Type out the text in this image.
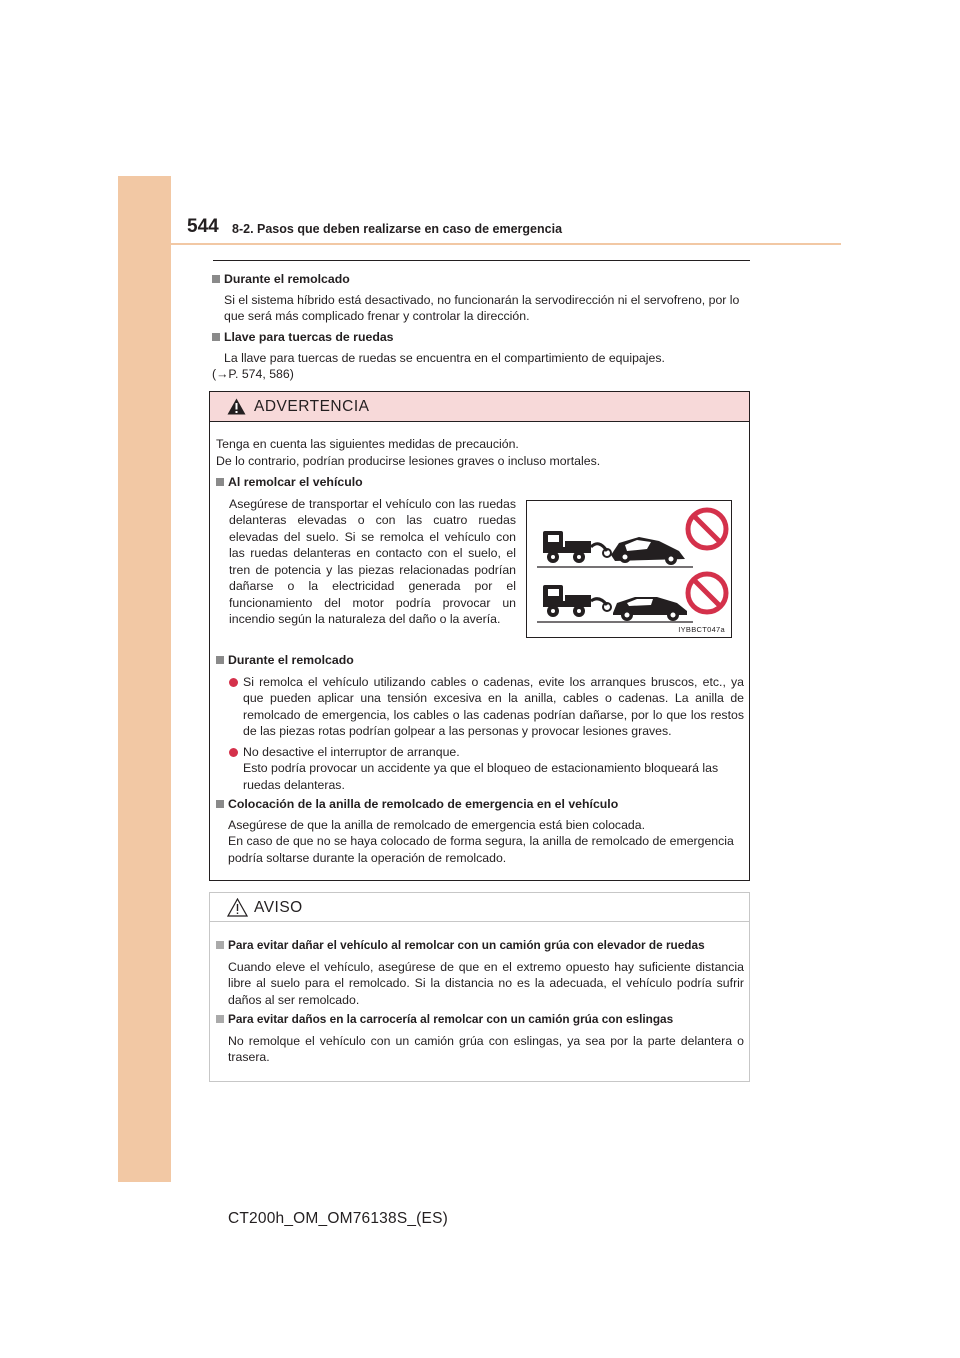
544 8-2. Pasos que deben realizarse en caso de emergencia
Durante el remolcado
Si el sistema híbrido está desactivado, no funcionarán la servodirección ni el servofreno, por lo que será más complicado frenar y controlar la dirección.
Llave para tuercas de ruedas
La llave para tuercas de ruedas se encuentra en el compartimiento de equipajes.
(→P. 574, 586)
ADVERTENCIA
Tenga en cuenta las siguientes medidas de precaución.
De lo contrario, podrían producirse lesiones graves o incluso mortales.
Al remolcar el vehículo
Asegúrese de transportar el vehículo con las ruedas delanteras elevadas o con las cuatro ruedas elevadas del suelo. Si se remolca el vehículo con las ruedas delanteras en contacto con el suelo, el tren de potencia y las piezas relacionadas podrían dañarse o la electricidad generada por el funcionamiento del motor podría provocar un incendio según la naturaleza del daño o la avería.
Durante el remolcado
Si remolca el vehículo utilizando cables o cadenas, evite los arranques bruscos, etc., ya que pueden aplicar una tensión excesiva en la anilla, cables o cadenas. La anilla de remolcado de emergencia, los cables o las cadenas podrían dañarse, por lo que los restos de las piezas rotas podrían golpear a las personas y provocar lesiones graves.
No desactive el interruptor de arranque.
Esto podría provocar un accidente ya que el bloqueo de estacionamiento bloqueará las ruedas delanteras.
Colocación de la anilla de remolcado de emergencia en el vehículo
Asegúrese de que la anilla de remolcado de emergencia está bien colocada.
En caso de que no se haya colocado de forma segura, la anilla de remolcado de emergencia podría soltarse durante la operación de remolcado.
IYBBCT047a
AVISO
Para evitar dañar el vehículo al remolcar con un camión grúa con elevador de ruedas
Cuando eleve el vehículo, asegúrese de que en el extremo opuesto hay suficiente distancia libre al suelo para el remolcado. Si la distancia no es la adecuada, el vehículo podría sufrir daños al ser remolcado.
Para evitar daños en la carrocería al remolcar con un camión grúa con eslingas
No remolque el vehículo con un camión grúa con eslingas, ya sea por la parte delantera o trasera.
CT200h_OM_OM76138S_(ES)
